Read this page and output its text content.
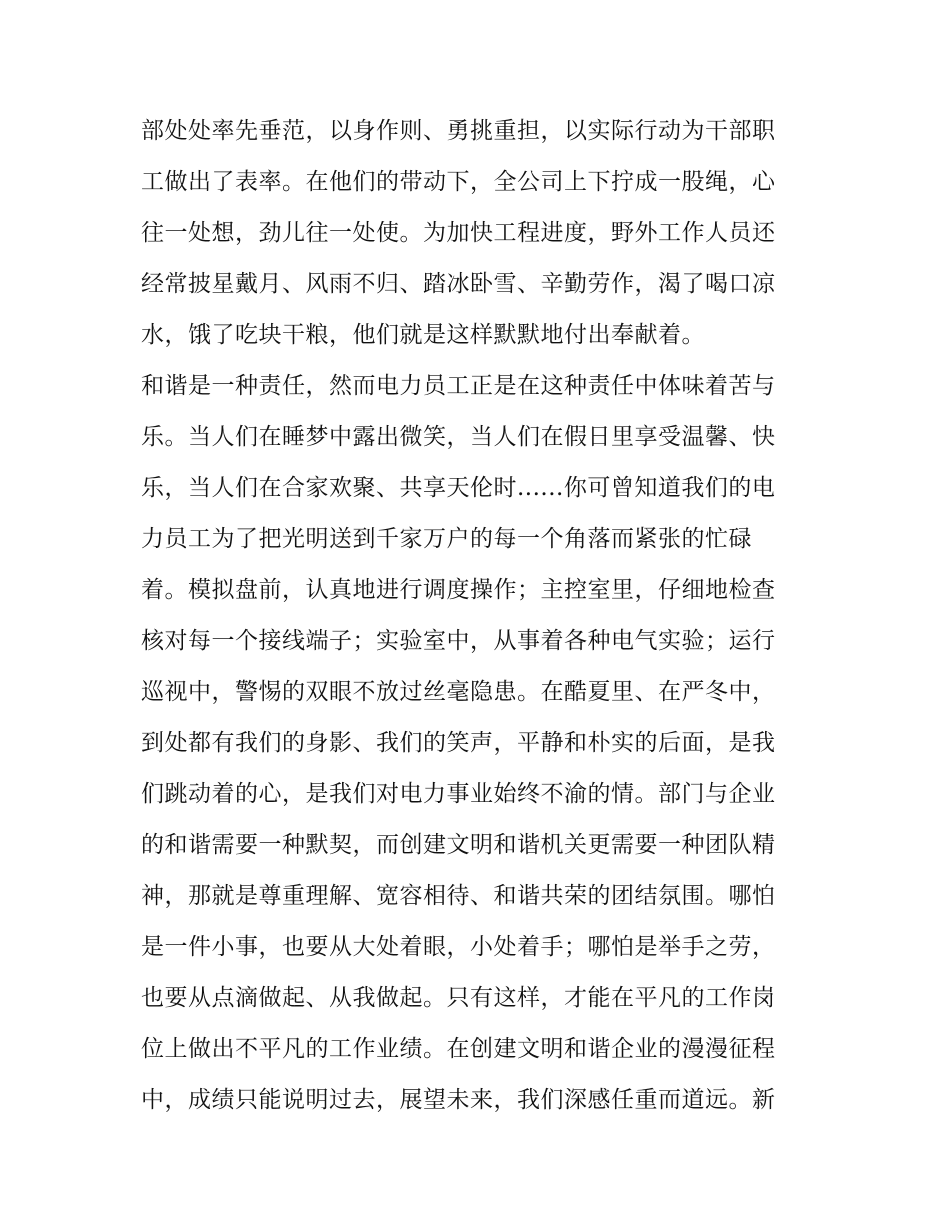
部处处率先垂范，以身作则、勇挑重担，以实际行动为干部职
工做出了表率。在他们的带动下，全公司上下拧成一股绳，心
往一处想，劲儿往一处使。为加快工程进度，野外工作人员还
经常披星戴月、风雨不归、踏冰卧雪、辛勤劳作，渴了喝口凉
水，饿了吃块干粮，他们就是这样默默地付出奉献着。
和谐是一种责任，然而电力员工正是在这种责任中体味着苦与
乐。当人们在睡梦中露出微笑，当人们在假日里享受温馨、快
乐，当人们在合家欢聚、共享天伦时......你可曾知道我们的电
力员工为了把光明送到千家万户的每一个角落而紧张的忙碌
着。模拟盘前，认真地进行调度操作；主控室里，仔细地检查
核对每一个接线端子；实验室中，从事着各种电气实验；运行
巡视中，警惕的双眼不放过丝毫隐患。在酷夏里、在严冬中，
到处都有我们的身影、我们的笑声，平静和朴实的后面，是我
们跳动着的心，是我们对电力事业始终不渝的情。部门与企业
的和谐需要一种默契，而创建文明和谐机关更需要一种团队精
神，那就是尊重理解、宽容相待、和谐共荣的团结氛围。哪怕
是一件小事，也要从大处着眼，小处着手；哪怕是举手之劳，
也要从点滴做起、从我做起。只有这样，才能在平凡的工作岗
位上做出不平凡的工作业绩。在创建文明和谐企业的漫漫征程
中，成绩只能说明过去，展望未来，我们深感任重而道远。新
